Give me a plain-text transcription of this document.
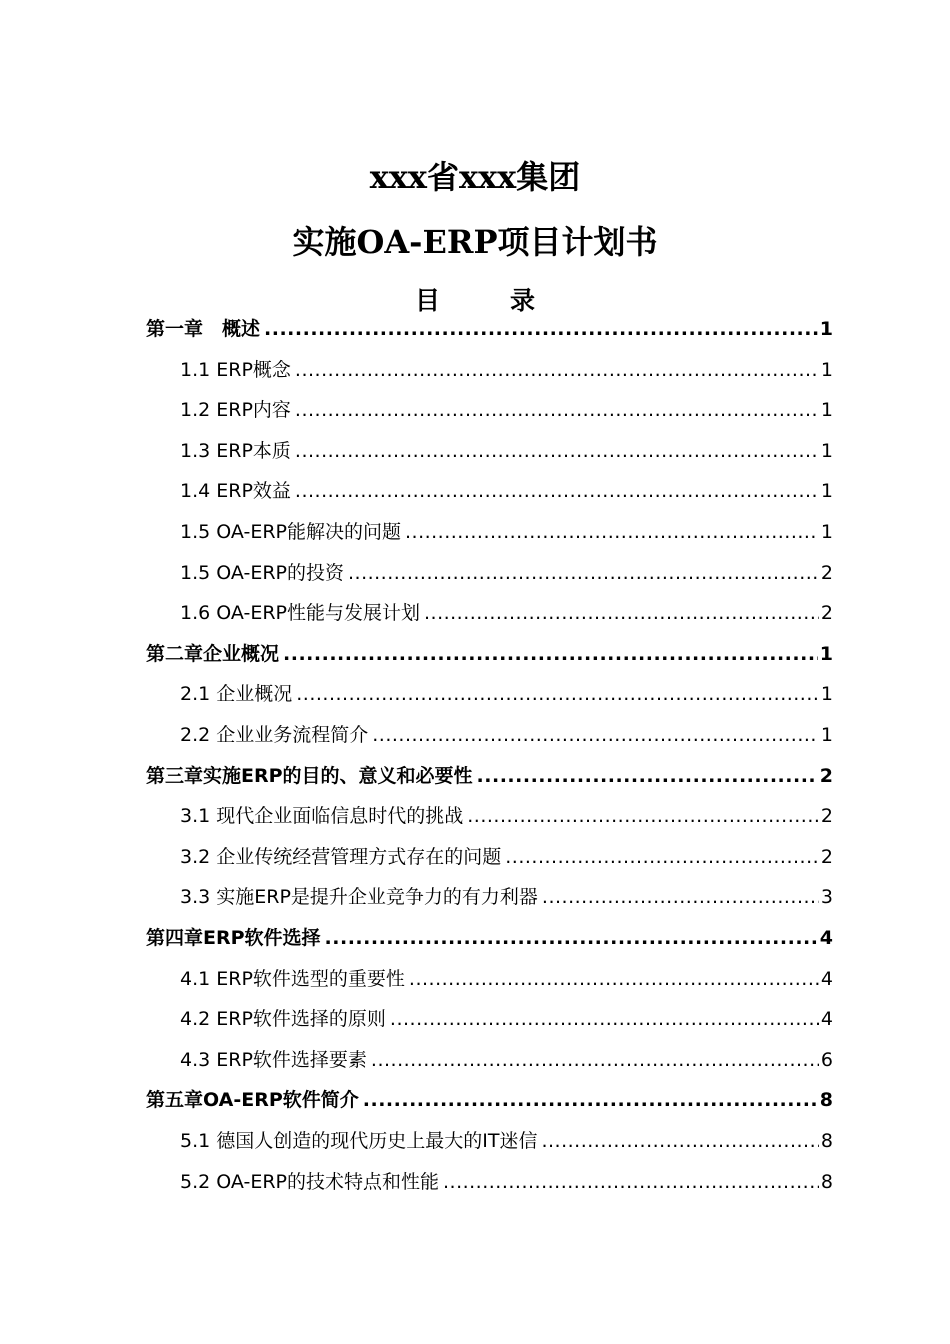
xxx省xxx集团
实施OA-ERP项目计划书
目录
第一章　概述 .....	1
1.1 ERP概念 .....	1
1.2 ERP内容 .....	1
1.3 ERP本质 .....	1
1.4 ERP效益 .....	1
1.5 OA-ERP能解决的问题 .....	1
1.5 OA-ERP的投资 .....	2
1.6 OA-ERP性能与发展计划 .....	2
第二章企业概况 .....	1
2.1 企业概况 .....	1
2.2 企业业务流程简介 .....	1
第三章实施ERP的目的、意义和必要性 .....	2
3.1 现代企业面临信息时代的挑战 .....	2
3.2 企业传统经营管理方式存在的问题 .....	2
3.3 实施ERP是提升企业竞争力的有力利器 .....	3
第四章ERP软件选择 .....	4
4.1 ERP软件选型的重要性 .....	4
4.2 ERP软件选择的原则 .....	4
4.3 ERP软件选择要素 .....	6
第五章OA-ERP软件简介 .....	8
5.1 德国人创造的现代历史上最大的IT迷信 .....	8
5.2 OA-ERP的技术特点和性能 .....	8
